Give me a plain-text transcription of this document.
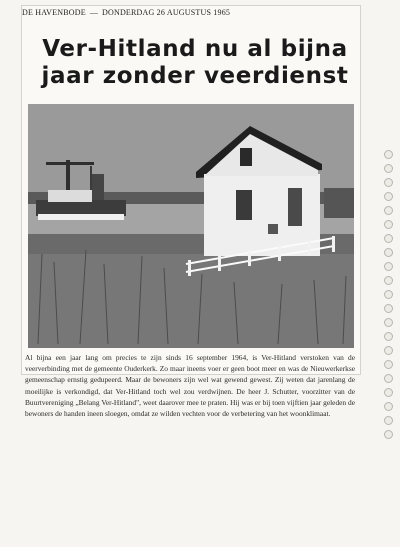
DE HAVENBODE — DONDERDAG 26 AUGUSTUS 1965
Ver-Hitland nu al bijna
jaar zonder veerdienst
Al bijna een jaar lang om precies te zijn sinds 16 september 1964, is Ver-Hitland verstoken van de veerverbinding met de gemeente Ouderkerk. Zo maar ineens voer er geen boot meer en was de Nieuwerkerkse gemeenschap ernstig gedupeerd. Maar de bewoners zijn wel wat gewend gewest. Zij weten dat jarenlang de moeilijke is verkondigd, dat Ver-Hitland toch wel zou verdwijnen. De heer J. Schutter, voorzitter van de Buurtvereniging „Belang Ver-Hitland", weet daarover mee te praten. Hij was er bij toen vijftien jaar geleden de bewoners de handen ineen sloegen, omdat ze wilden vechten voor de verbetering van het woonklimaat.
